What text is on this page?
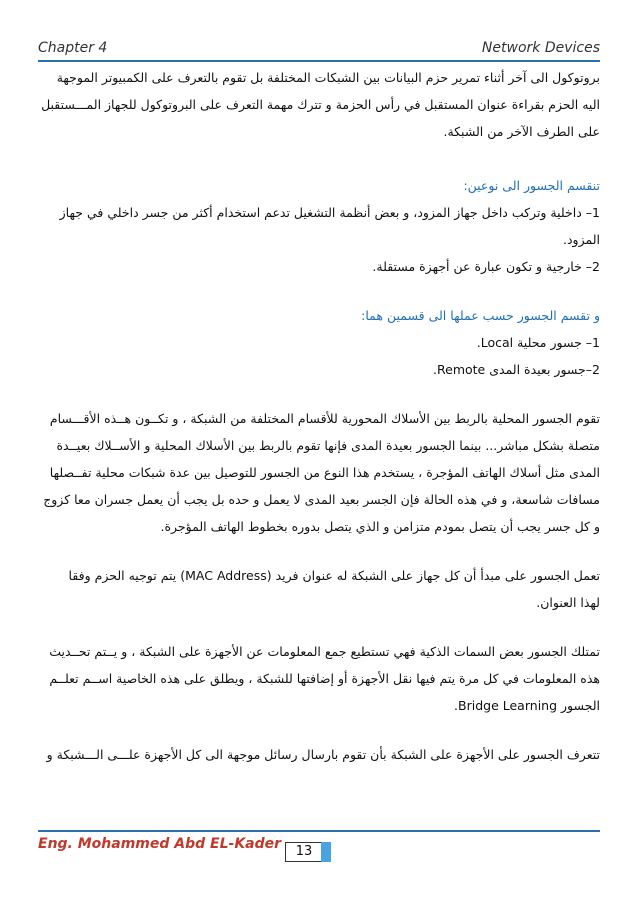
Chapter 4	Network Devices

بروتوكول الى آخر أثناء تمرير حزم البيانات بين الشبكات المختلفة بل تقوم بالتعرف على الكمبيوتر الموجهة

اليه الحزم بقراءة عنوان المستقبل في رأس الحزمة و تترك مهمة التعرف على البروتوكول للجهاز المـــستقبل

على الطرف الآخر من الشبكة.

تنقسم الجسور الى نوعين:

1– داخلية وتركب داخل جهاز المزود، و بعض أنظمة التشغيل تدعم استخدام أكثر من جسر داخلي في جهاز

المزود.

2– خارجية و تكون عبارة عن أجهزة مستقلة.

و تقسم الجسور حسب عملها الى قسمين هما:

1– جسور محلية Local.

2–جسور بعيدة المدى Remote.

تقوم الجسور المحلية بالربط بين الأسلاك المحورية للأقسام المختلفة من الشبكة ، و تكــون هــذه الأقـــسام

متصلة بشكل مباشر... بينما الجسور بعيدة المدى فإنها تقوم بالربط بين الأسلاك المحلية و الأســلاك بعيــدة

المدى مثل أسلاك الهاتف المؤجرة ، يستخدم هذا النوع من الجسور للتوصيل بين عدة شبكات محلية تفــصلها

مسافات شاسعة، و في هذه الحالة فإن الجسر بعيد المدى لا يعمل و حده بل يجب أن يعمل جسران معا كزوج

و كل جسر يجب أن يتصل بمودم متزامن و الذي يتصل بدوره بخطوط الهاتف المؤجرة.

تعمل الجسور على مبدأ أن كل جهاز على الشبكة له عنوان فريد (MAC Address) يتم توجيه الحزم وفقا

لهذا العنوان.

تمتلك الجسور بعض السمات الذكية فهي تستطيع جمع المعلومات عن الأجهزة على الشبكة ، و يــتم تحــديث

هذه المعلومات في كل مرة يتم فيها نقل الأجهزة أو إضافتها للشبكة ، ويطلق على هذه الخاصية اســم تعلــم

الجسور Bridge Learning.

تتعرف الجسور على الأجهزة على الشبكة بأن تقوم بارسال رسائل موجهة الى كل الأجهزة علـــى الـــشبكة و

Eng. Mohammed Abd EL-Kader	13
